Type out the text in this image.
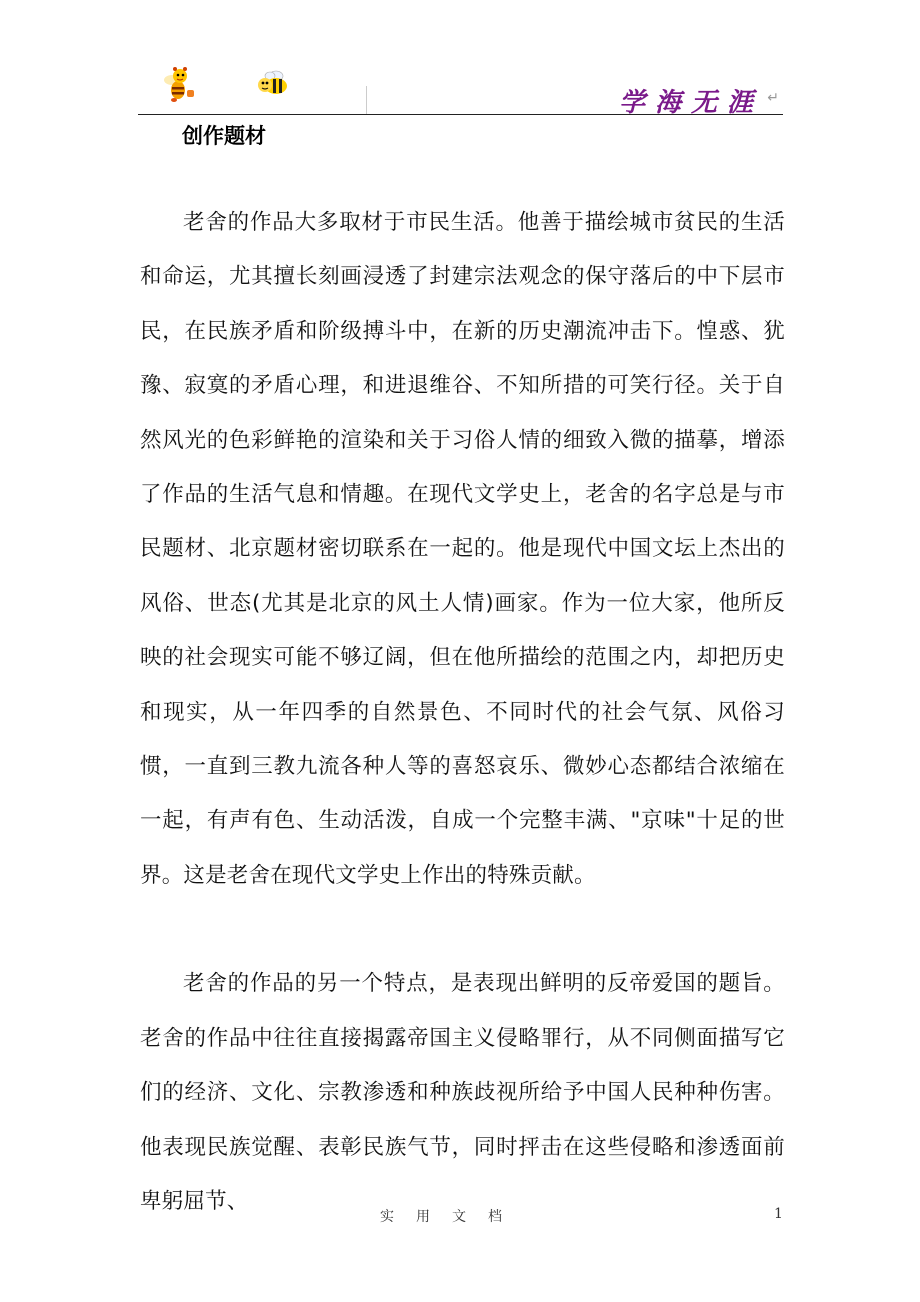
学海无涯 ↵
创作题材

老舍的作品大多取材于市民生活。他善于描绘城市贫民的生活和命运，尤其擅长刻画浸透了封建宗法观念的保守落后的中下层市民，在民族矛盾和阶级搏斗中，在新的历史潮流冲击下。惶惑、犹豫、寂寞的矛盾心理，和进退维谷、不知所措的可笑行径。关于自然风光的色彩鲜艳的渲染和关于习俗人情的细致入微的描摹，增添了作品的生活气息和情趣。在现代文学史上，老舍的名字总是与市民题材、北京题材密切联系在一起的。他是现代中国文坛上杰出的风俗、世态(尤其是北京的风土人情)画家。作为一位大家，他所反映的社会现实可能不够辽阔，但在他所描绘的范围之内，却把历史和现实，从一年四季的自然景色、不同时代的社会气氛、风俗习惯，一直到三教九流各种人等的喜怒哀乐、微妙心态都结合浓缩在一起，有声有色、生动活泼，自成一个完整丰满、"京味"十足的世界。这是老舍在现代文学史上作出的特殊贡献。

老舍的作品的另一个特点，是表现出鲜明的反帝爱国的题旨。老舍的作品中往往直接揭露帝国主义侵略罪行，从不同侧面描写它们的经济、文化、宗教渗透和种族歧视所给予中国人民种种伤害。他表现民族觉醒、表彰民族气节，同时抨击在这些侵略和渗透面前卑躬屈节、

实用文档	1
